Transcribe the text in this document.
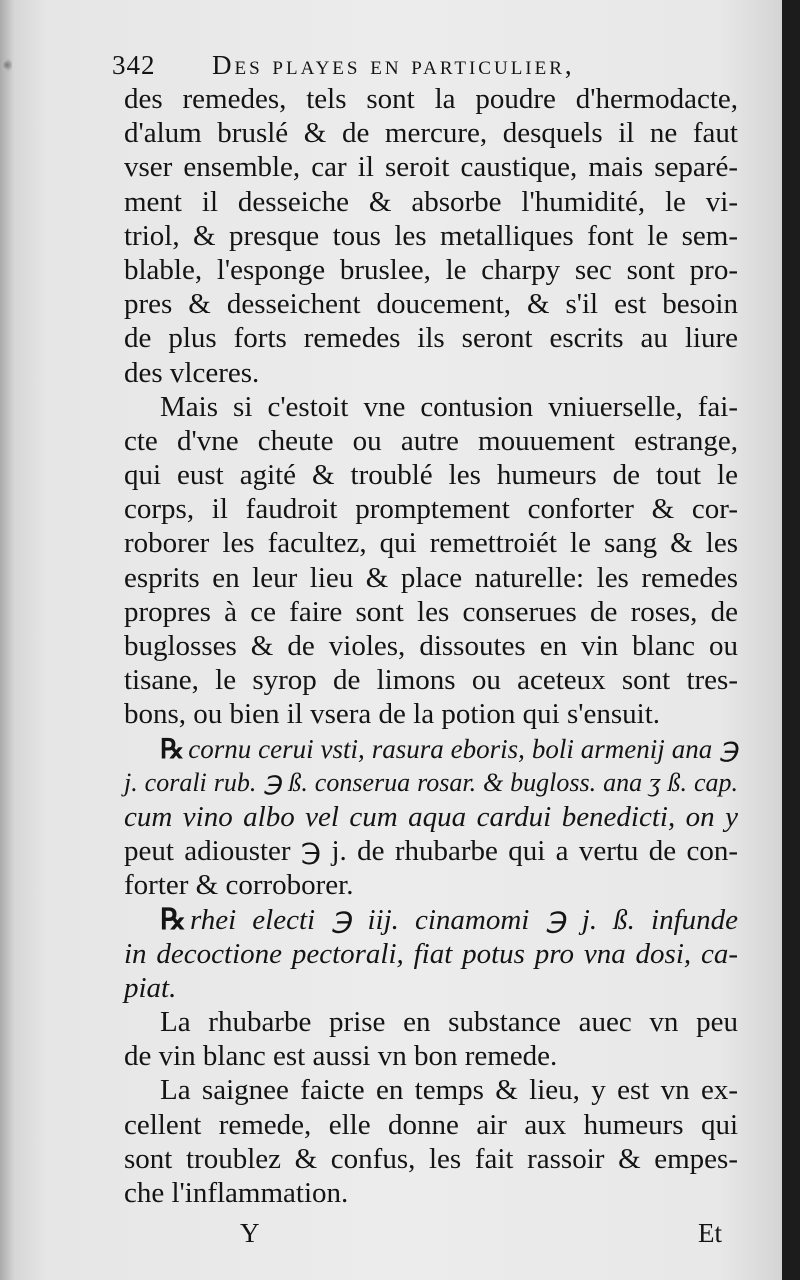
342 Des playes en particulier,
des remedes, tels sont la poudre d'hermodacte,
d'alum bruslé & de mercure, desquels il ne faut
vser ensemble, car il seroit caustique, mais separé-
ment il desseiche & absorbe l'humidité, le vi-
triol, & presque tous les metalliques font le sem-
blable, l'esponge bruslee, le charpy sec sont pro-
pres & desseichent doucement, & s'il est besoin
de plus forts remedes ils seront escrits au liure
des vlceres.
Mais si c'estoit vne contusion vniuerselle, fai-
cte d'vne cheute ou autre mouuement estrange,
qui eust agité & troublé les humeurs de tout le
corps, il faudroit promptement conforter & cor-
roborer les facultez, qui remettroiét le sang & les
esprits en leur lieu & place naturelle: les remedes
propres à ce faire sont les conserues de roses, de
buglosses & de violes, dissoutes en vin blanc ou
tisane, le syrop de limons ou aceteux sont tres-
bons, ou bien il vsera de la potion qui s'ensuit.
℞ cornu cerui vsti, rasura eboris, boli armenij ana ℈
j. corali rub. ℈ ß. conserua rosar. & bugloss. ana ʒ ß. cap.
cum vino albo vel cum aqua cardui benedicti, on y
peut adiouster ℈ j. de rhubarbe qui a vertu de con-
forter & corroborer.
℞ rhei electi ℈ iij. cinamomi ℈ j. ß. infunde
in decoctione pectorali, fiat potus pro vna dosi, ca-
piat.
La rhubarbe prise en substance auec vn peu
de vin blanc est aussi vn bon remede.
La saignee faicte en temps & lieu, y est vn ex-
cellent remede, elle donne air aux humeurs qui
sont troublez & confus, les fait rassoir & empes-
che l'inflammation.
Y	Et
